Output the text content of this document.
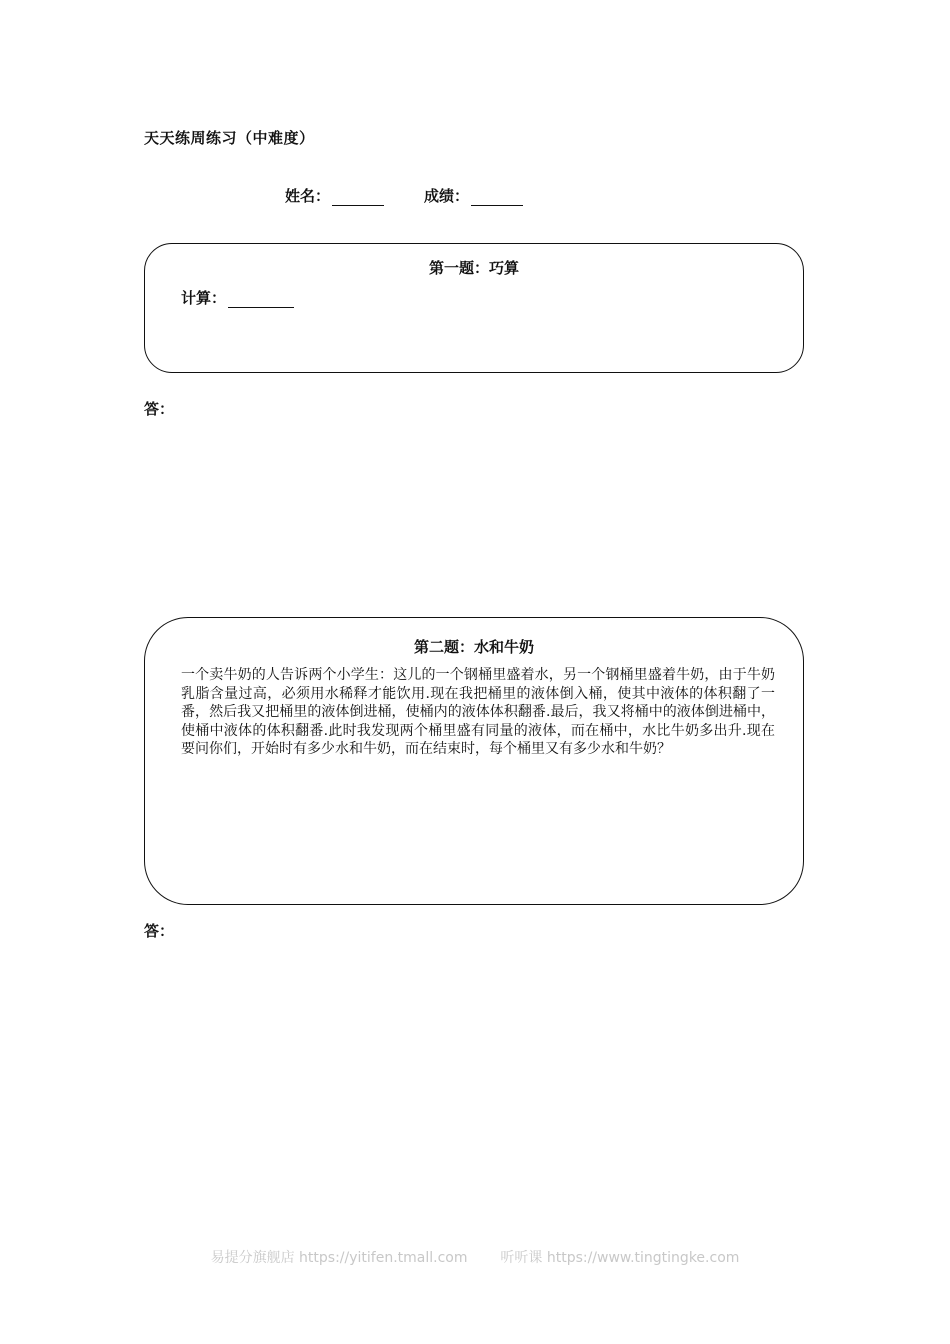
天天练周练习（中难度）
姓名：	成绩：
第一题：巧算
计算：
答：
第二题：水和牛奶
一个卖牛奶的人告诉两个小学生：这儿的一个钢桶里盛着水，另一个钢桶里盛着牛奶，由于牛奶乳脂含量过高，必须用水稀释才能饮用.现在我把桶里的液体倒入桶，使其中液体的体积翻了一番，然后我又把桶里的液体倒进桶，使桶内的液体体积翻番.最后，我又将桶中的液体倒进桶中，使桶中液体的体积翻番.此时我发现两个桶里盛有同量的液体，而在桶中，水比牛奶多出升.现在要问你们，开始时有多少水和牛奶，而在结束时，每个桶里又有多少水和牛奶？
答：
易提分旗舰店 https://yitifen.tmall.com 听听课 https://www.tingtingke.com
